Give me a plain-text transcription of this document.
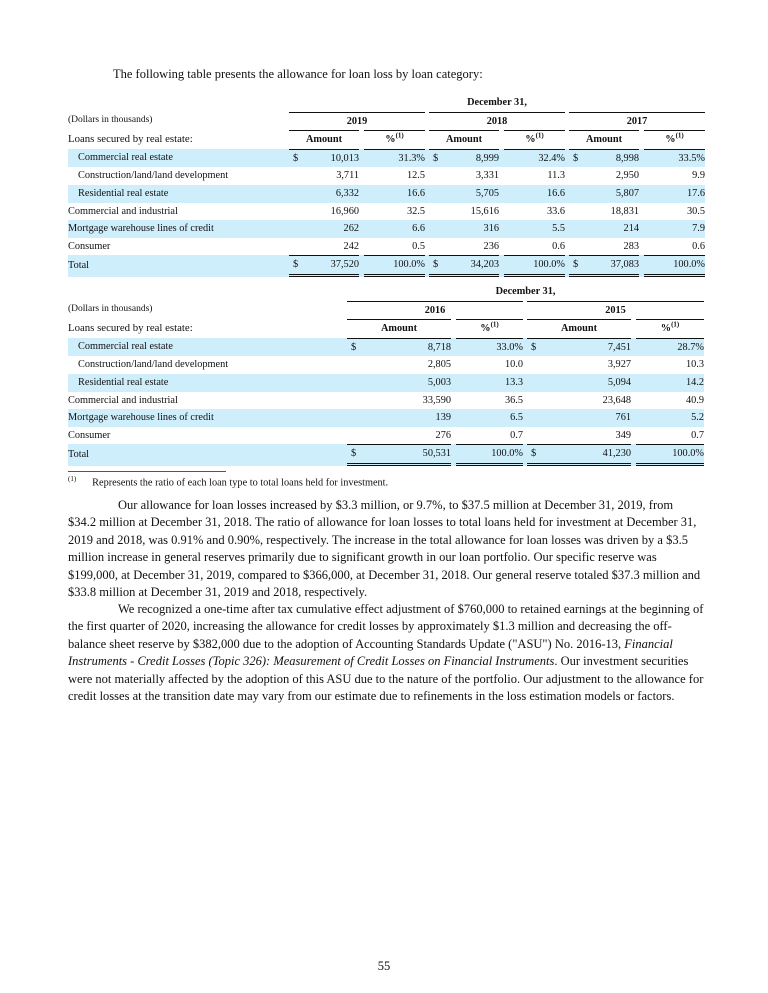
The following table presents the allowance for loan loss by loan category:
		December 31,										
(Dollars in thousands)		2019				2018				2017		
Loans secured by real estate:		Amount		%$^{(1)}$		Amount		%$^{(1)}$		Amount		%$^{(1)}$
Commercial real estate		$ 10,013		31.3%		$ 8,999		32.4%		$ 8,998		33.5%
Construction/land/land development		3,711		12.5		3,331		11.3		2,950		9.9
Residential real estate		6,332		16.6		5,705		16.6		5,807		17.6
Commercial and industrial		16,960		32.5		15,616		33.6		18,831		30.5
Mortgage warehouse lines of credit		262		6.6		316		5.5		214		7.9
Consumer		242		0.5		236		0.6		283		0.6
Total		$ 37,520		100.0%		$ 34,203		100.0%		$ 37,083		100.0%
		December 31,						
(Dollars in thousands)		2016				2015		
Loans secured by real estate:		Amount		%$^{(1)}$		Amount		%$^{(1)}$
Commercial real estate		$ 8,718		33.0%		$ 7,451		28.7%
Construction/land/land development		2,805		10.0		3,927		10.3
Residential real estate		5,003		13.3		5,094		14.2
Commercial and industrial		33,590		36.5		23,648		40.9
Mortgage warehouse lines of credit		139		6.5		761		5.2
Consumer		276		0.7		349		0.7
Total		$ 50,531		100.0%		$ 41,230		100.0%
$^{(1)}$ Represents the ratio of each loan type to total loans held for investment.
Our allowance for loan losses increased by $3.3 million, or 9.7%, to $37.5 million at December 31, 2019, from $34.2 million at December 31, 2018. The ratio of allowance for loan losses to total loans held for investment at December 31, 2019 and 2018, was 0.91% and 0.90%, respectively. The increase in the total allowance for loan losses was driven by a $3.5 million increase in general reserves primarily due to significant growth in our loan portfolio. Our specific reserve was $199,000, at December 31, 2019, compared to $366,000, at December 31, 2018. Our general reserve totaled $37.3 million and $33.8 million at December 31, 2019 and 2018, respectively.
We recognized a one-time after tax cumulative effect adjustment of $760,000 to retained earnings at the beginning of the first quarter of 2020, increasing the allowance for credit losses by approximately $1.3 million and decreasing the off-balance sheet reserve by $382,000 due to the adoption of Accounting Standards Update ("ASU") No. 2016-13, Financial Instruments - Credit Losses (Topic 326): Measurement of Credit Losses on Financial Instruments. Our investment securities were not materially affected by the adoption of this ASU due to the nature of the portfolio. Our adjustment to the allowance for credit losses at the transition date may vary from our estimate due to refinements in the loss estimation models or factors.
55
